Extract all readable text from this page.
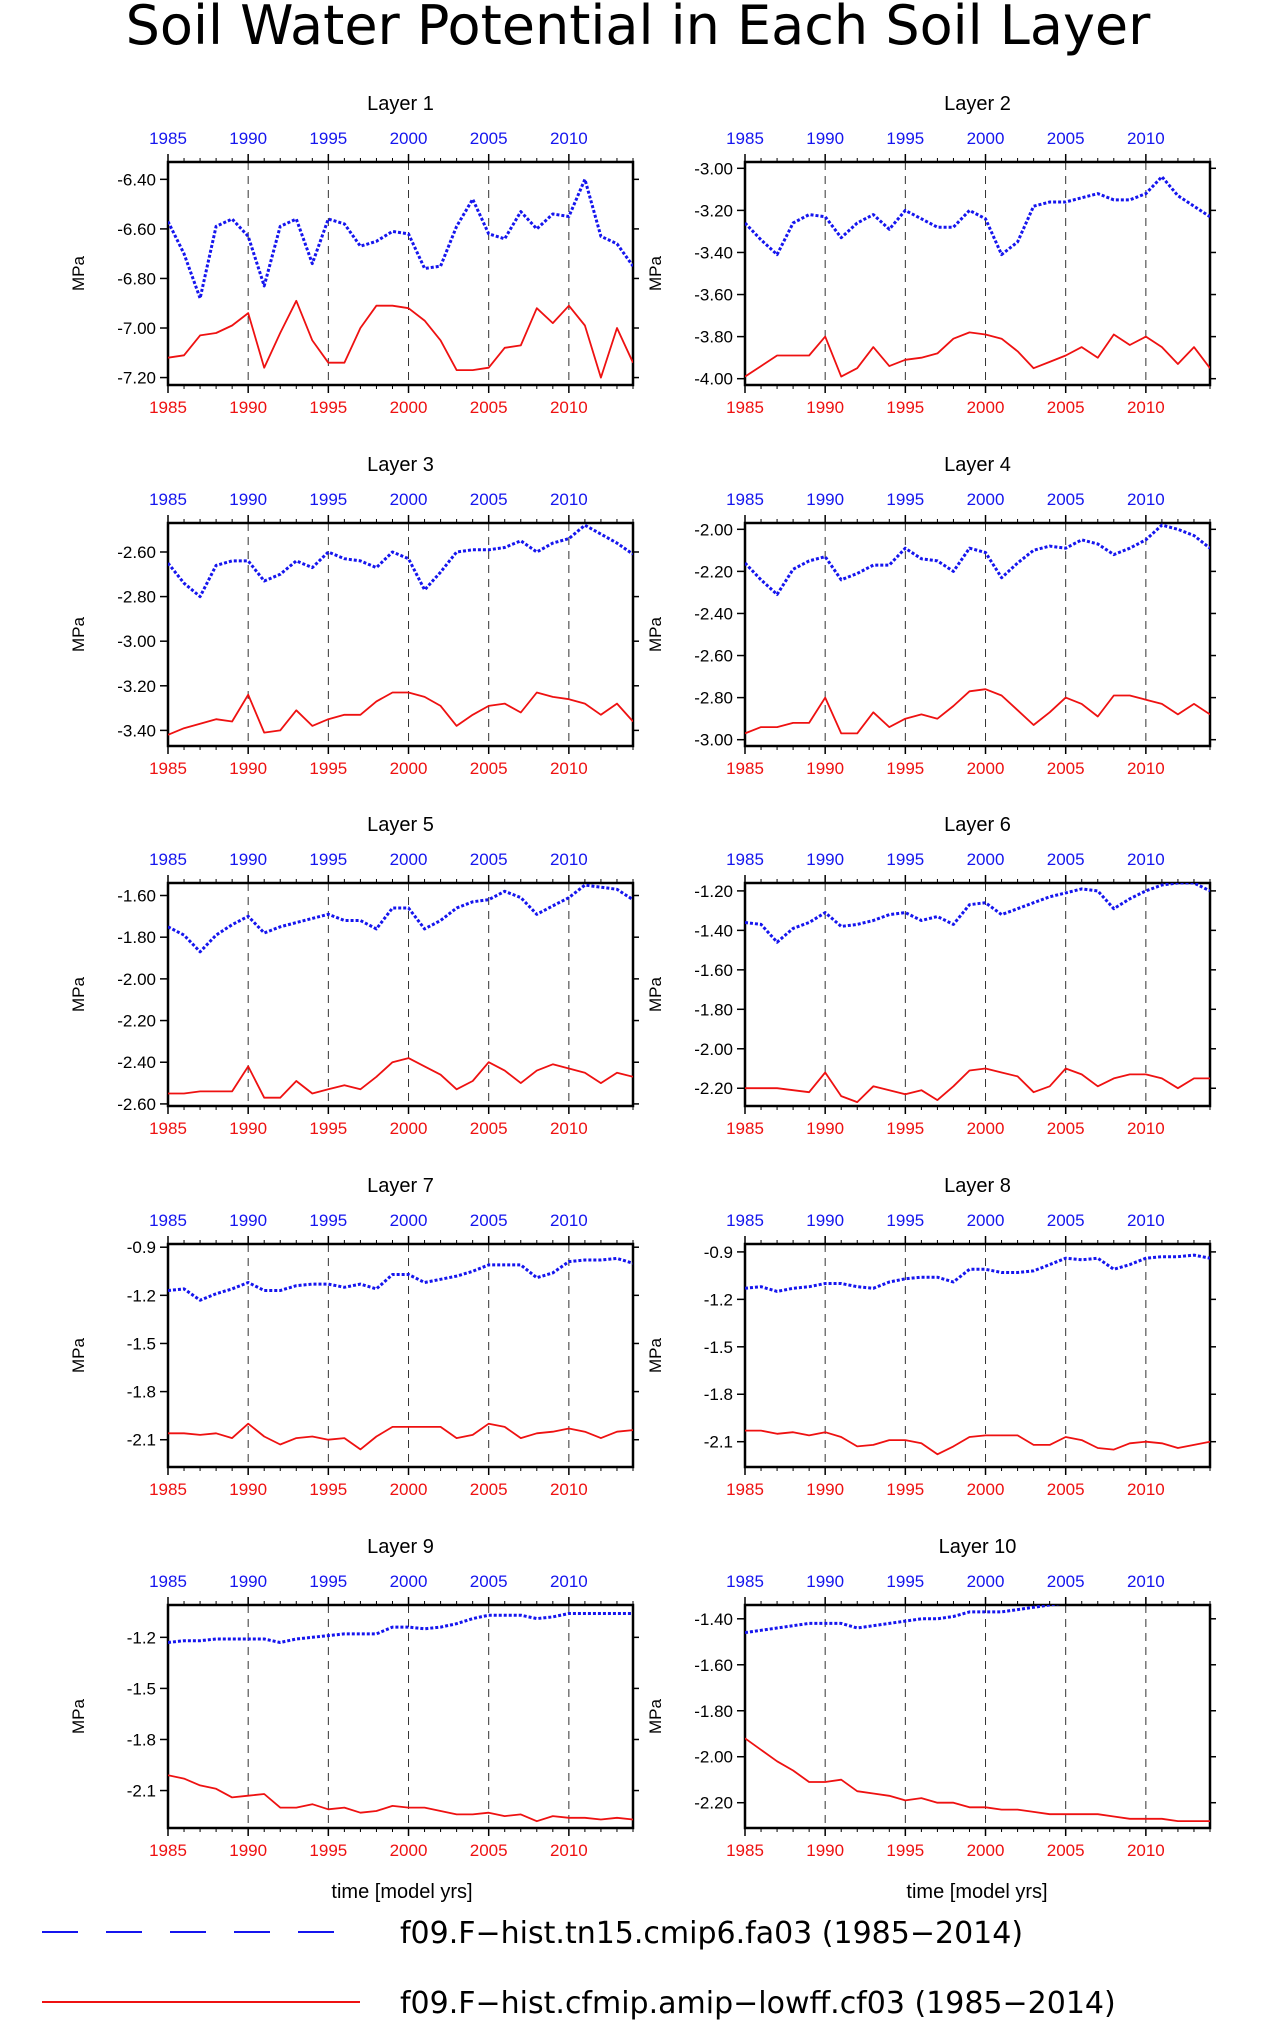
Soil Water Potential in Each Soil Layer
Layer 1
1985
1985
1990
1990
1995
1995
2000
2000
2005
2005
2010
2010
-6.40
-6.60
-6.80
-7.00
-7.20
MPa
Layer 2
1985
1985
1990
1990
1995
1995
2000
2000
2005
2005
2010
2010
-3.00
-3.20
-3.40
-3.60
-3.80
-4.00
MPa
Layer 3
1985
1985
1990
1990
1995
1995
2000
2000
2005
2005
2010
2010
-2.60
-2.80
-3.00
-3.20
-3.40
MPa
Layer 4
1985
1985
1990
1990
1995
1995
2000
2000
2005
2005
2010
2010
-2.00
-2.20
-2.40
-2.60
-2.80
-3.00
MPa
Layer 5
1985
1985
1990
1990
1995
1995
2000
2000
2005
2005
2010
2010
-1.60
-1.80
-2.00
-2.20
-2.40
-2.60
MPa
Layer 6
1985
1985
1990
1990
1995
1995
2000
2000
2005
2005
2010
2010
-1.20
-1.40
-1.60
-1.80
-2.00
-2.20
MPa
Layer 7
1985
1985
1990
1990
1995
1995
2000
2000
2005
2005
2010
2010
-0.9
-1.2
-1.5
-1.8
-2.1
MPa
Layer 8
1985
1985
1990
1990
1995
1995
2000
2000
2005
2005
2010
2010
-0.9
-1.2
-1.5
-1.8
-2.1
MPa
Layer 9
1985
1985
1990
1990
1995
1995
2000
2000
2005
2005
2010
2010
-1.2
-1.5
-1.8
-2.1
MPa
Layer 10
1985
1985
1990
1990
1995
1995
2000
2000
2005
2005
2010
2010
-1.40
-1.60
-1.80
-2.00
-2.20
MPa
time [model yrs]	time [model yrs]
f09.F−hist.tn15.cmip6.fa03 (1985−2014)
f09.F−hist.cfmip.amip−lowff.cf03 (1985−2014)
